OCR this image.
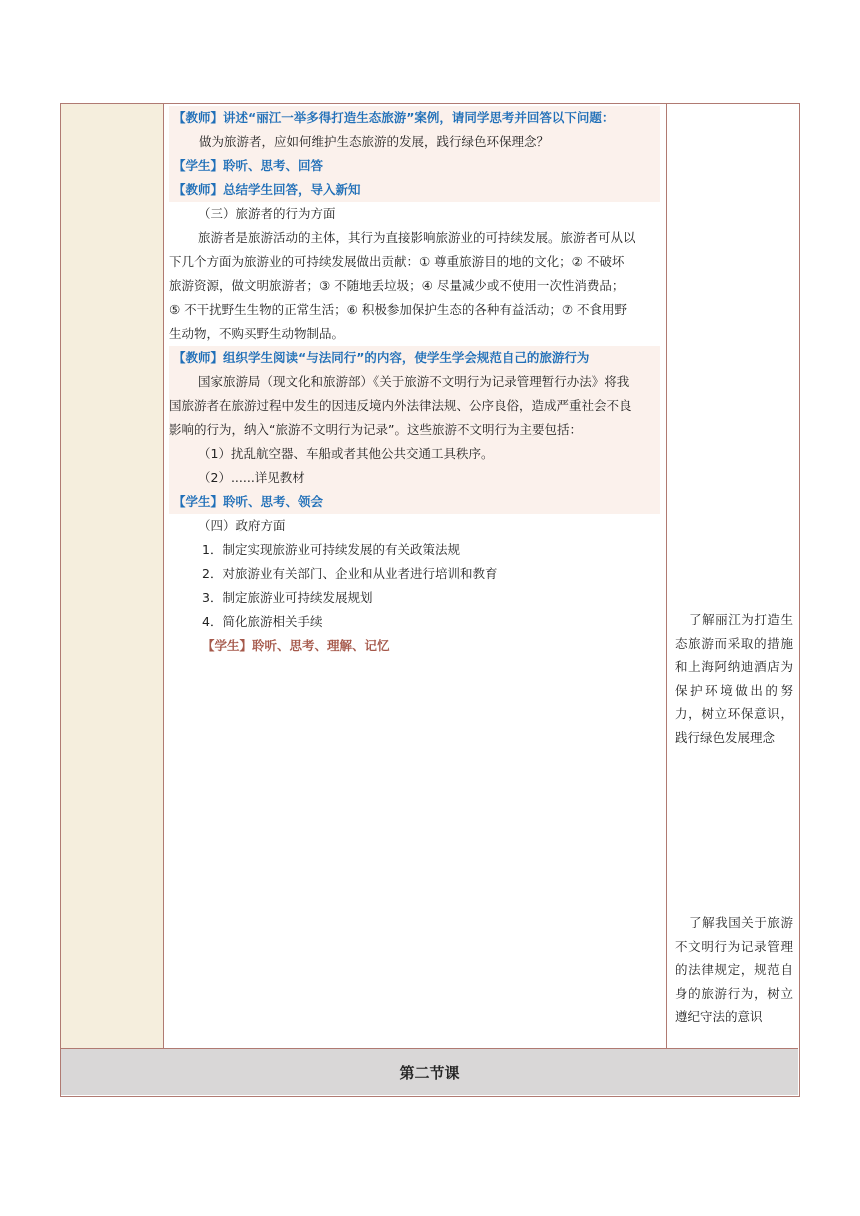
【教师】讲述“丽江一举多得打造生态旅游”案例，请同学思考并回答以下问题：
做为旅游者，应如何维护生态旅游的发展，践行绿色环保理念？
【学生】聆听、思考、回答
【教师】总结学生回答，导入新知
（三）旅游者的行为方面
旅游者是旅游活动的主体，其行为直接影响旅游业的可持续发展。旅游者可从以
下几个方面为旅游业的可持续发展做出贡献：① 尊重旅游目的地的文化；② 不破坏
旅游资源，做文明旅游者；③ 不随地丢垃圾；④ 尽量减少或不使用一次性消费品；
⑤ 不干扰野生生物的正常生活；⑥ 积极参加保护生态的各种有益活动；⑦ 不食用野
生动物，不购买野生动物制品。
【教师】组织学生阅读“与法同行”的内容，使学生学会规范自己的旅游行为
国家旅游局（现文化和旅游部）《关于旅游不文明行为记录管理暂行办法》将我
国旅游者在旅游过程中发生的因违反境内外法律法规、公序良俗，造成严重社会不良
影响的行为，纳入“旅游不文明行为记录”。这些旅游不文明行为主要包括：
（1）扰乱航空器、车船或者其他公共交通工具秩序。
（2）......详见教材
【学生】聆听、思考、领会
（四）政府方面
1．制定实现旅游业可持续发展的有关政策法规
2．对旅游业有关部门、企业和从业者进行培训和教育
3．制定旅游业可持续发展规划
4．简化旅游相关手续
【学生】聆听、思考、理解、记忆
了解丽江为打造生态旅游而采取的措施和上海阿纳迪酒店为保护环境做出的努力，树立环保意识，践行绿色发展理念
了解我国关于旅游不文明行为记录管理的法律规定，规范自身的旅游行为，树立遵纪守法的意识
第二节课
